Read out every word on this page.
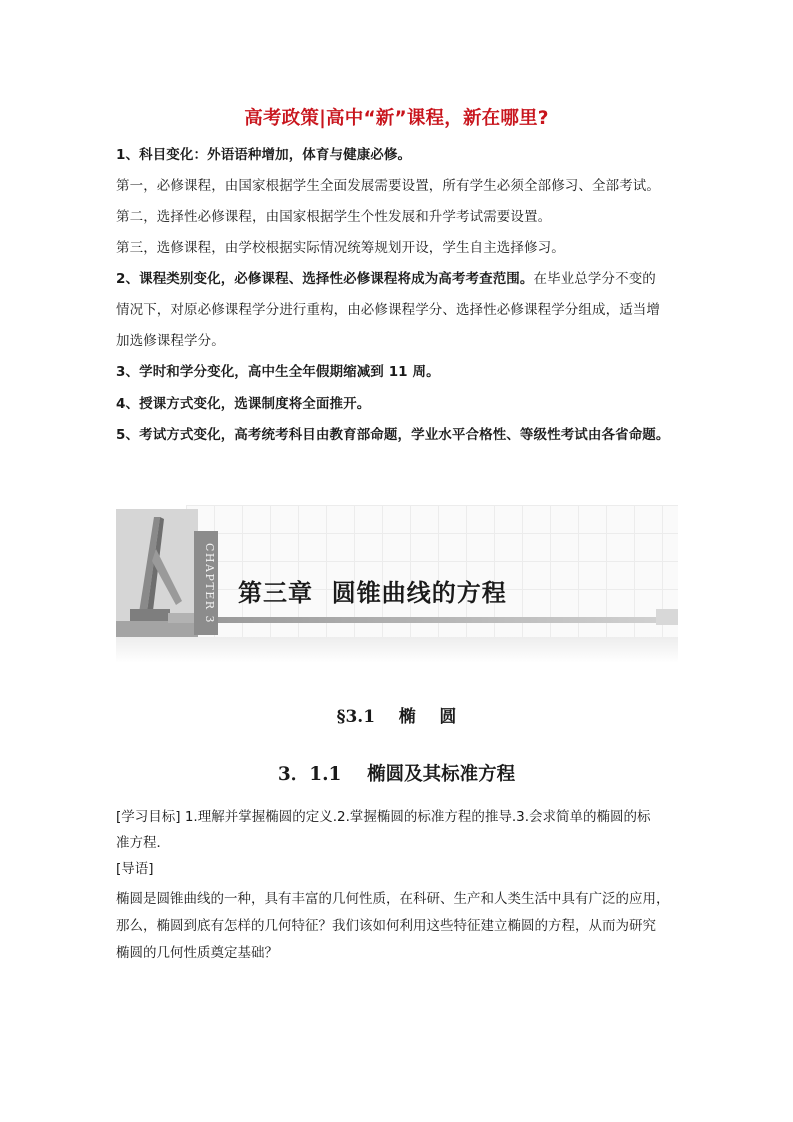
高考政策|高中“新”课程，新在哪里?
1、科目变化：外语语种增加，体育与健康必修。
第一，必修课程，由国家根据学生全面发展需要设置，所有学生必须全部修习、全部考试。
第二，选择性必修课程，由国家根据学生个性发展和升学考试需要设置。
第三，选修课程，由学校根据实际情况统筹规划开设，学生自主选择修习。
2、课程类别变化，必修课程、选择性必修课程将成为高考考查范围。在毕业总学分不变的
情况下，对原必修课程学分进行重构，由必修课程学分、选择性必修课程学分组成，适当增
加选修课程学分。
3、学时和学分变化，高中生全年假期缩减到 11 周。
4、授课方式变化，选课制度将全面推开。
5、考试方式变化，高考统考科目由教育部命题，学业水平合格性、等级性考试由各省命题。
CHAPTER 3 第三章  圆锥曲线的方程
§3.1    椭    圆
3．1.1    椭圆及其标准方程
[学习目标] 1.理解并掌握椭圆的定义.2.掌握椭圆的标准方程的推导.3.会求简单的椭圆的标
准方程．
[导语]
椭圆是圆锥曲线的一种，具有丰富的几何性质，在科研、生产和人类生活中具有广泛的应用，
那么，椭圆到底有怎样的几何特征？我们该如何利用这些特征建立椭圆的方程，从而为研究
椭圆的几何性质奠定基础？
